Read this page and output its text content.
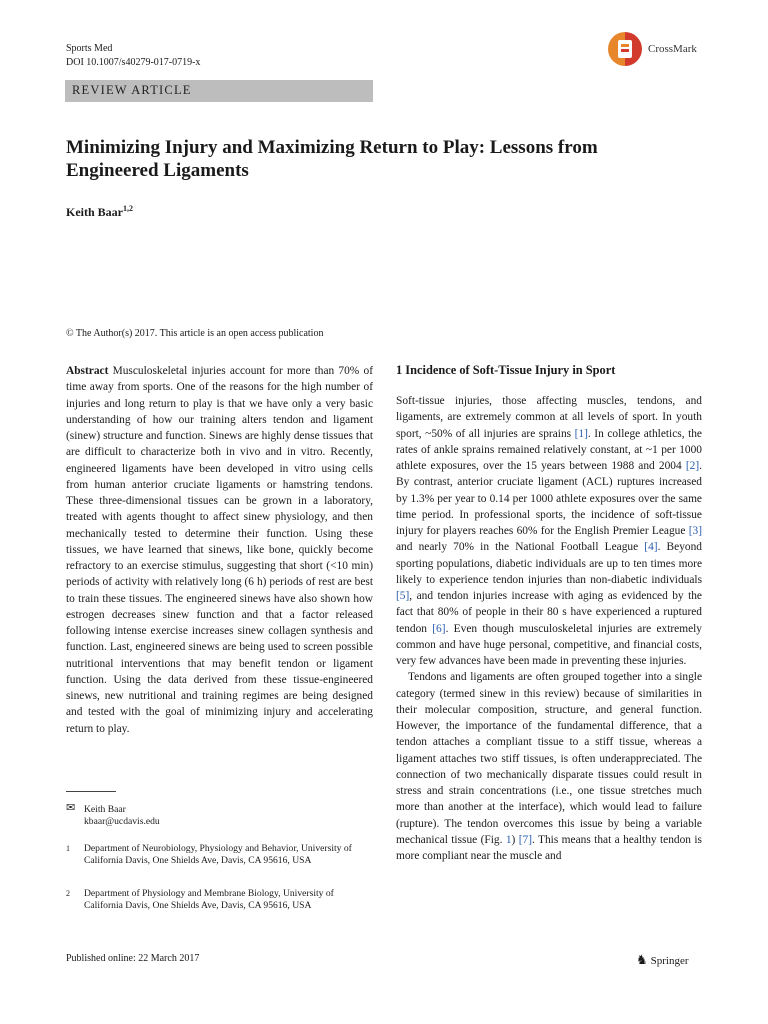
Sports Med
DOI 10.1007/s40279-017-0719-x
CrossMark
REVIEW ARTICLE
Minimizing Injury and Maximizing Return to Play: Lessons from Engineered Ligaments
Keith Baar$^{1,2}$
© The Author(s) 2017. This article is an open access publication
Abstract Musculoskeletal injuries account for more than 70% of time away from sports. One of the reasons for the high number of injuries and long return to play is that we have only a very basic understanding of how our training alters tendon and ligament (sinew) structure and function. Sinews are highly dense tissues that are difficult to characterize both in vivo and in vitro. Recently, engineered ligaments have been developed in vitro using cells from human anterior cruciate ligaments or hamstring tendons. These three-dimensional tissues can be grown in a laboratory, treated with agents thought to affect sinew physiology, and then mechanically tested to determine their function. Using these tissues, we have learned that sinews, like bone, quickly become refractory to an exercise stimulus, suggesting that short (<10 min) periods of activity with relatively long (6 h) periods of rest are best to train these tissues. The engineered sinews have also shown how estrogen decreases sinew function and that a factor released following intense exercise increases sinew collagen synthesis and function. Last, engineered sinews are being used to screen possible nutritional interventions that may benefit tendon or ligament function. Using the data derived from these tissue-engineered sinews, new nutritional and training regimes are being designed and tested with the goal of minimizing injury and accelerating return to play.
✉ Keith Baar
kbaar@ucdavis.edu
1 Department of Neurobiology, Physiology and Behavior, University of California Davis, One Shields Ave, Davis, CA 95616, USA
2 Department of Physiology and Membrane Biology, University of California Davis, One Shields Ave, Davis, CA 95616, USA
Published online: 22 March 2017	♞ Springer
1 Incidence of Soft-Tissue Injury in Sport

Soft-tissue injuries, those affecting muscles, tendons, and ligaments, are extremely common at all levels of sport. In youth sport, ~50% of all injuries are sprains [1]. In college athletics, the rates of ankle sprains remained relatively constant, at ~1 per 1000 athlete exposures, over the 15 years between 1988 and 2004 [2]. By contrast, anterior cruciate ligament (ACL) ruptures increased by 1.3% per year to 0.14 per 1000 athlete exposures over the same time period. In professional sports, the incidence of soft-tissue injury for players reaches 60% for the English Premier League [3] and nearly 70% in the National Football League [4]. Beyond sporting populations, diabetic individuals are up to ten times more likely to experience tendon injuries than non-diabetic individuals [5], and tendon injuries increase with aging as evidenced by the fact that 80% of people in their 80 s have experienced a ruptured tendon [6]. Even though musculoskeletal injuries are extremely common and have huge personal, competitive, and financial costs, very few advances have been made in preventing these injuries.

Tendons and ligaments are often grouped together into a single category (termed sinew in this review) because of similarities in their molecular composition, structure, and general function. However, the importance of the fundamental difference, that a tendon attaches a compliant tissue to a stiff tissue, whereas a ligament attaches two stiff tissues, is often underappreciated. The connection of two mechanically disparate tissues could result in stress and strain concentrations (i.e., one tissue stretches much more than another at the interface), which would lead to failure (rupture). The tendon overcomes this issue by being a variable mechanical tissue (Fig. 1) [7]. This means that a healthy tendon is more compliant near the muscle and
